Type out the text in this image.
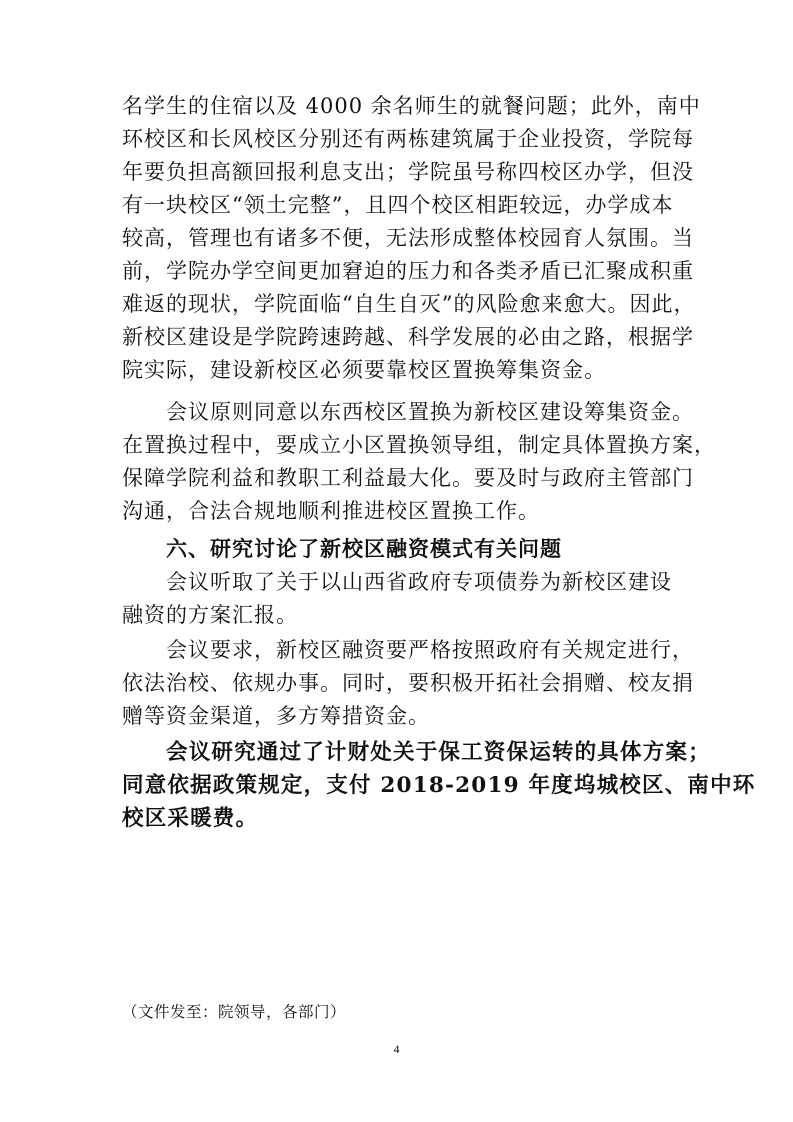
名学生的住宿以及 4000 余名师生的就餐问题；此外，南中
环校区和长风校区分别还有两栋建筑属于企业投资，学院每
年要负担高额回报利息支出；学院虽号称四校区办学，但没
有一块校区“领土完整”，且四个校区相距较远，办学成本
较高，管理也有诸多不便，无法形成整体校园育人氛围。当
前，学院办学空间更加窘迫的压力和各类矛盾已汇聚成积重
难返的现状，学院面临“自生自灭”的风险愈来愈大。因此，
新校区建设是学院跨速跨越、科学发展的必由之路，根据学
院实际，建设新校区必须要靠校区置换筹集资金。
会议原则同意以东西校区置换为新校区建设筹集资金。
在置换过程中，要成立小区置换领导组，制定具体置换方案，
保障学院利益和教职工利益最大化。要及时与政府主管部门
沟通，合法合规地顺利推进校区置换工作。
六、研究讨论了新校区融资模式有关问题
会议听取了关于以山西省政府专项债券为新校区建设
融资的方案汇报。
会议要求，新校区融资要严格按照政府有关规定进行，
依法治校、依规办事。同时，要积极开拓社会捐赠、校友捐
赠等资金渠道，多方筹措资金。
会议研究通过了计财处关于保工资保运转的具体方案；
同意依据政策规定，支付 2018-2019 年度坞城校区、南中环
校区采暖费。
（文件发至：院领导，各部门）
4
